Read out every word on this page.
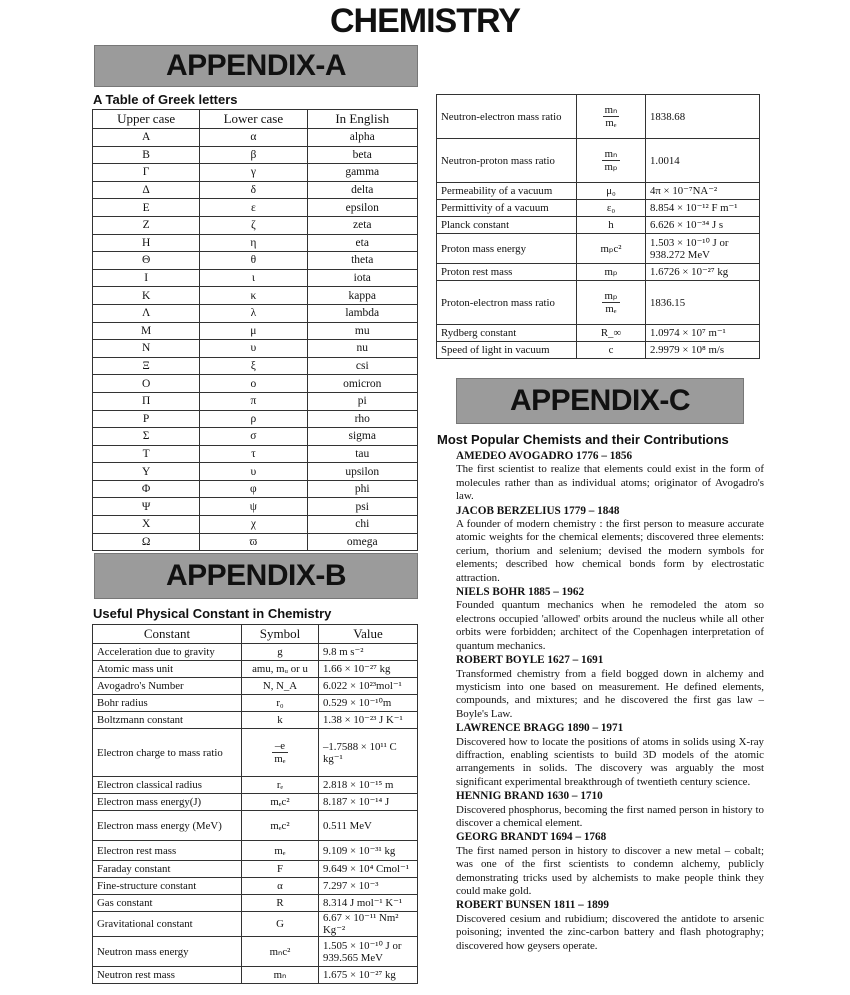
CHEMISTRY
APPENDIX-A
A Table of Greek letters
Upper case	Lower case	In English
Α	α	alpha
Β	β	beta
Γ	γ	gamma
Δ	δ	delta
Ε	ε	epsilon
Ζ	ζ	zeta
Η	η	eta
Θ	θ	theta
Ι	ι	iota
Κ	κ	kappa
Λ	λ	lambda
Μ	μ	mu
Ν	υ	nu
Ξ	ξ	csi
Ο	ο	omicron
Π	π	pi
Ρ	ρ	rho
Σ	σ	sigma
Τ	τ	tau
Υ	υ	upsilon
Φ	φ	phi
Ψ	ψ	psi
Χ	χ	chi
Ω	ϖ	omega
APPENDIX-B
Useful Physical Constant in Chemistry
Constant	Symbol	Value
Acceleration due to gravity	g	9.8 m s⁻²
Atomic mass unit	amu, mᵤ or u	1.66 × 10⁻²⁷ kg
Avogadro's Number	N, N_A	6.022 × 10²³mol⁻¹
Bohr radius	r₀	0.529 × 10⁻¹⁰m
Boltzmann constant	k	1.38 × 10⁻²³ J K⁻¹
Electron charge to mass ratio	$\frac{-e}{\text{mₑ}}$	–1.7588 × 10¹¹ C kg⁻¹
Electron classical radius	rₑ	2.818 × 10⁻¹⁵ m
Electron mass energy(J)	mₑc²	8.187 × 10⁻¹⁴ J
Electron mass energy (MeV)	mₑc²	0.511 MeV
Electron rest mass	mₑ	9.109 × 10⁻³¹ kg
Faraday constant	F	9.649 × 10⁴ Cmol⁻¹
Fine-structure constant	α	7.297 × 10⁻³
Gas constant	R	8.314 J mol⁻¹ K⁻¹
Gravitational constant	G	6.67 × 10⁻¹¹ Nm² Kg⁻²
Neutron mass energy	mₙc²	1.505 × 10⁻¹⁰ J or 939.565 MeV
Neutron rest mass	mₙ	1.675 × 10⁻²⁷ kg
Neutron-electron mass ratio	$\frac{\text{mₙ}}{\text{mₑ}}$	1838.68
Neutron-proton mass ratio	$\frac{\text{mₙ}}{\text{mₚ}}$	1.0014
Permeability of a vacuum	μ₀	4π × 10⁻⁷NA⁻²
Permittivity of a vacuum	ε₀	8.854 × 10⁻¹² F m⁻¹
Planck constant	h	6.626 × 10⁻³⁴ J s
Proton mass energy	mₚc²	1.503 × 10⁻¹⁰ J or 938.272 MeV
Proton rest mass	mₚ	1.6726 × 10⁻²⁷ kg
Proton-electron mass ratio	$\frac{\text{mₚ}}{\text{mₑ}}$	1836.15
Rydberg constant	R_∞	1.0974 × 10⁷ m⁻¹
Speed of light in vacuum	c	2.9979 × 10⁸ m/s
APPENDIX-C
Most Popular Chemists and their Contributions
AMEDEO AVOGADRO 1776 – 1856
The first scientist to realize that elements could exist in the form of molecules rather than as individual atoms; originator of Avogadro's law.
JACOB BERZELIUS 1779 – 1848
A founder of modern chemistry : the first person to measure accurate atomic weights for the chemical elements; discovered three elements: cerium, thorium and selenium; devised the modern symbols for elements; described how chemical bonds form by electrostatic attraction.
NIELS BOHR 1885 – 1962
Founded quantum mechanics when he remodeled the atom so electrons occupied 'allowed' orbits around the nucleus while all other orbits were forbidden; architect of the Copenhagen interpretation of quantum mechanics.
ROBERT BOYLE 1627 – 1691
Transformed chemistry from a field bogged down in alchemy and mysticism into one based on measurement. He defined elements, compounds, and mixtures; and he discovered the first gas law – Boyle's Law.
LAWRENCE BRAGG 1890 – 1971
Discovered how to locate the positions of atoms in solids using X-ray diffraction, enabling scientists to build 3D models of the atomic arrangements in solids. The discovery was arguably the most significant experimental breakthrough of twentieth century science.
HENNIG BRAND 1630 – 1710
Discovered phosphorus, becoming the first named person in history to discover a chemical element.
GEORG BRANDT 1694 – 1768
The first named person in history to discover a new metal – cobalt; was one of the first scientists to condemn alchemy, publicly demonstrating tricks used by alchemists to make people think they could make gold.
ROBERT BUNSEN 1811 – 1899
Discovered cesium and rubidium; discovered the antidote to arsenic poisoning; invented the zinc-carbon battery and flash photography; discovered how geysers operate.
